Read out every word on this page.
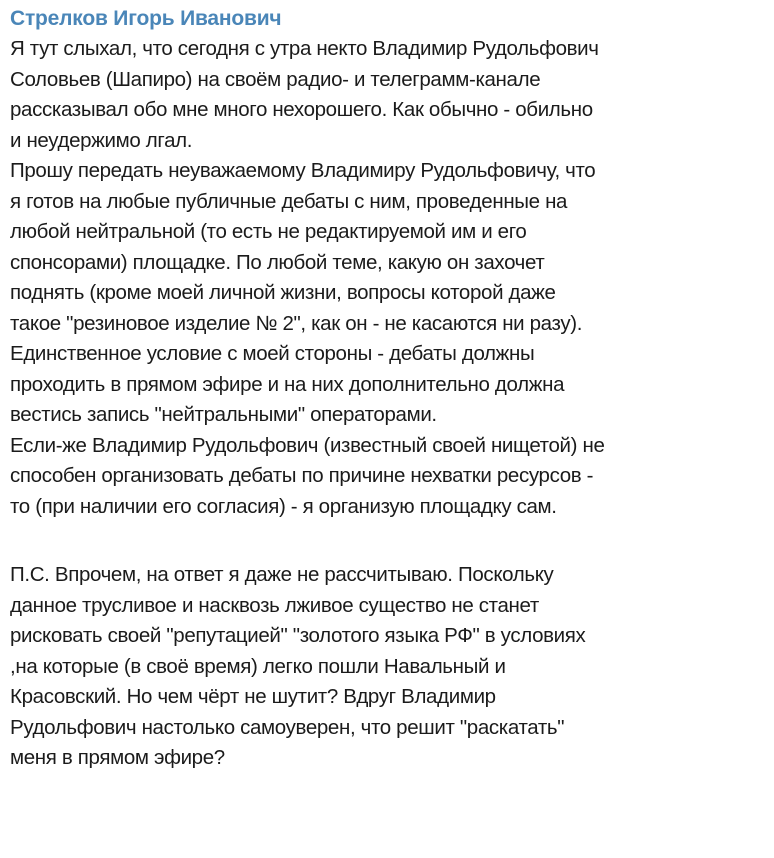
Стрелков Игорь Иванович
Я тут слыхал, что сегодня с утра некто Владимир Рудольфович
Соловьев (Шапиро) на своём радио- и телеграмм-канале
рассказывал обо мне много нехорошего. Как обычно - обильно
и неудержимо лгал.
Прошу передать неуважаемому Владимиру Рудольфовичу, что
я готов на любые публичные дебаты с ним, проведенные на
любой нейтральной (то есть не редактируемой им и его
спонсорами) площадке. По любой теме, какую он захочет
поднять (кроме моей личной жизни, вопросы которой даже
такое "резиновое изделие № 2", как он - не касаются ни разу).
Единственное условие с моей стороны - дебаты должны
проходить в прямом эфире и на них дополнительно должна
вестись запись "нейтральными" операторами.
Если-же Владимир Рудольфович (известный своей нищетой) не
способен организовать дебаты по причине нехватки ресурсов -
то (при наличии его согласия) - я организую площадку сам.
П.С. Впрочем, на ответ я даже не рассчитываю. Поскольку
данное трусливое и насквозь лживое существо не станет
рисковать своей "репутацией" "золотого языка РФ" в условиях
,на которые (в своё время) легко пошли Навальный и
Красовский. Но чем чёрт не шутит? Вдруг Владимир
Рудольфович настолько самоуверен, что решит "раскатать"
меня в прямом эфире?
